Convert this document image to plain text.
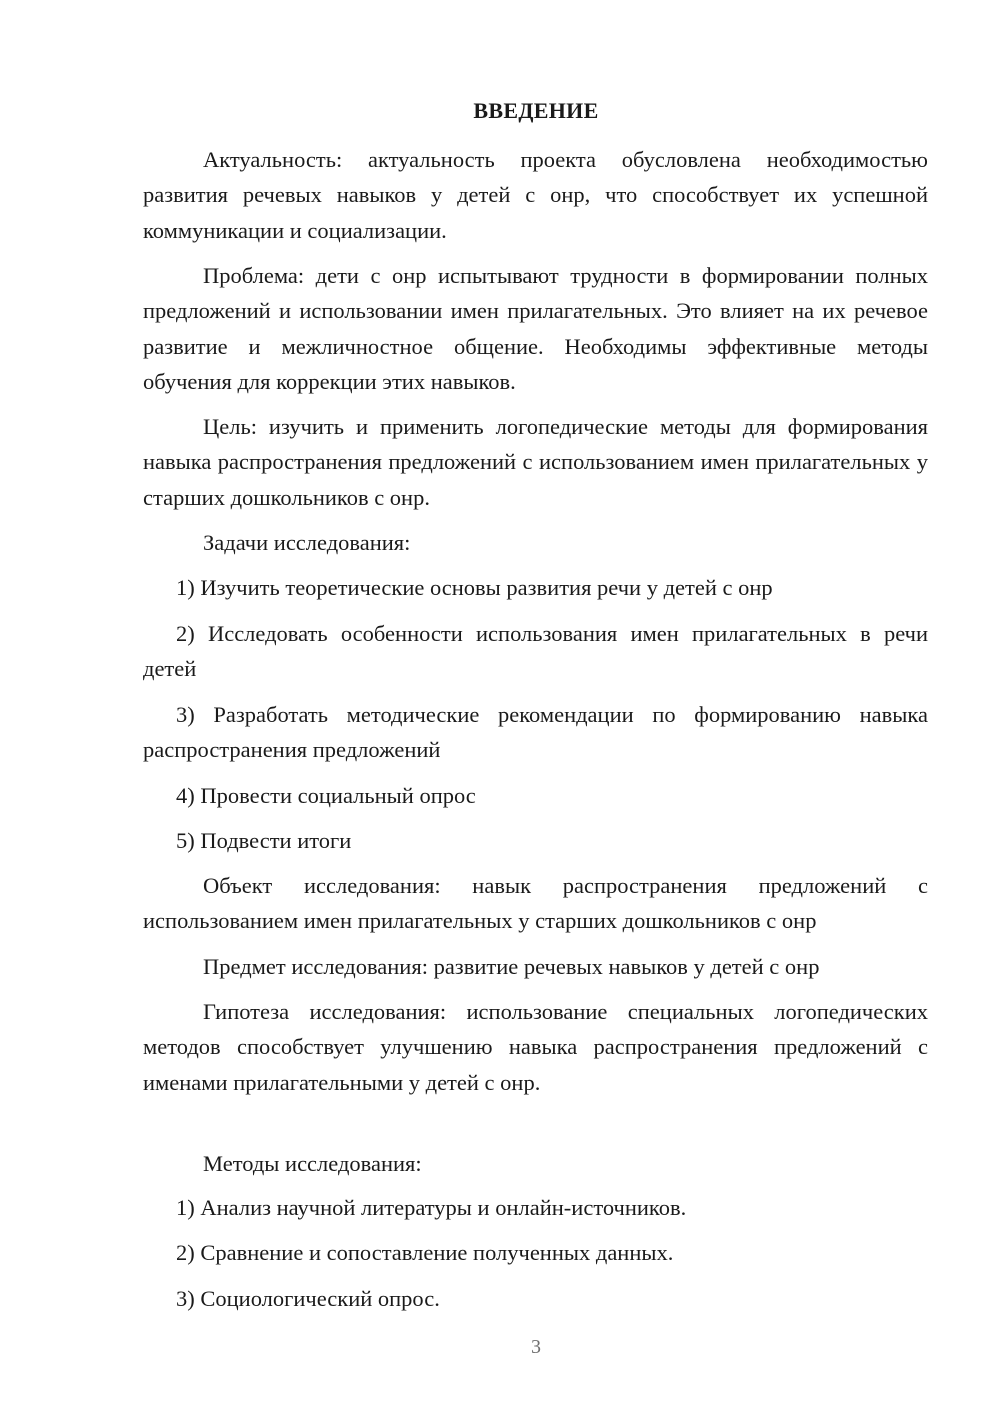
ВВЕДЕНИЕ

Актуальность: актуальность проекта обусловлена необходимостью развития речевых навыков у детей с онр, что способствует их успешной коммуникации и социализации.

Проблема: дети с онр испытывают трудности в формировании полных предложений и использовании имен прилагательных. Это влияет на их речевое развитие и межличностное общение. Необходимы эффективные методы обучения для коррекции этих навыков.

Цель: изучить и применить логопедические методы для формирования навыка распространения предложений с использованием имен прилагательных у старших дошкольников с онр.

Задачи исследования:

1) Изучить теоретические основы развития речи у детей с онр

2) Исследовать особенности использования имен прилагательных в речи детей

3) Разработать методические рекомендации по формированию навыка распространения предложений

4) Провести социальный опрос

5) Подвести итоги

Объект исследования: навык распространения предложений с использованием имен прилагательных у старших дошкольников с онр

Предмет исследования: развитие речевых навыков у детей с онр

Гипотеза исследования: использование специальных логопедических методов способствует улучшению навыка распространения предложений с именами прилагательными у детей с онр.

Методы исследования:

1) Анализ научной литературы и онлайн-источников.

2) Сравнение и сопоставление полученных данных.

3) Социологический опрос.

3
